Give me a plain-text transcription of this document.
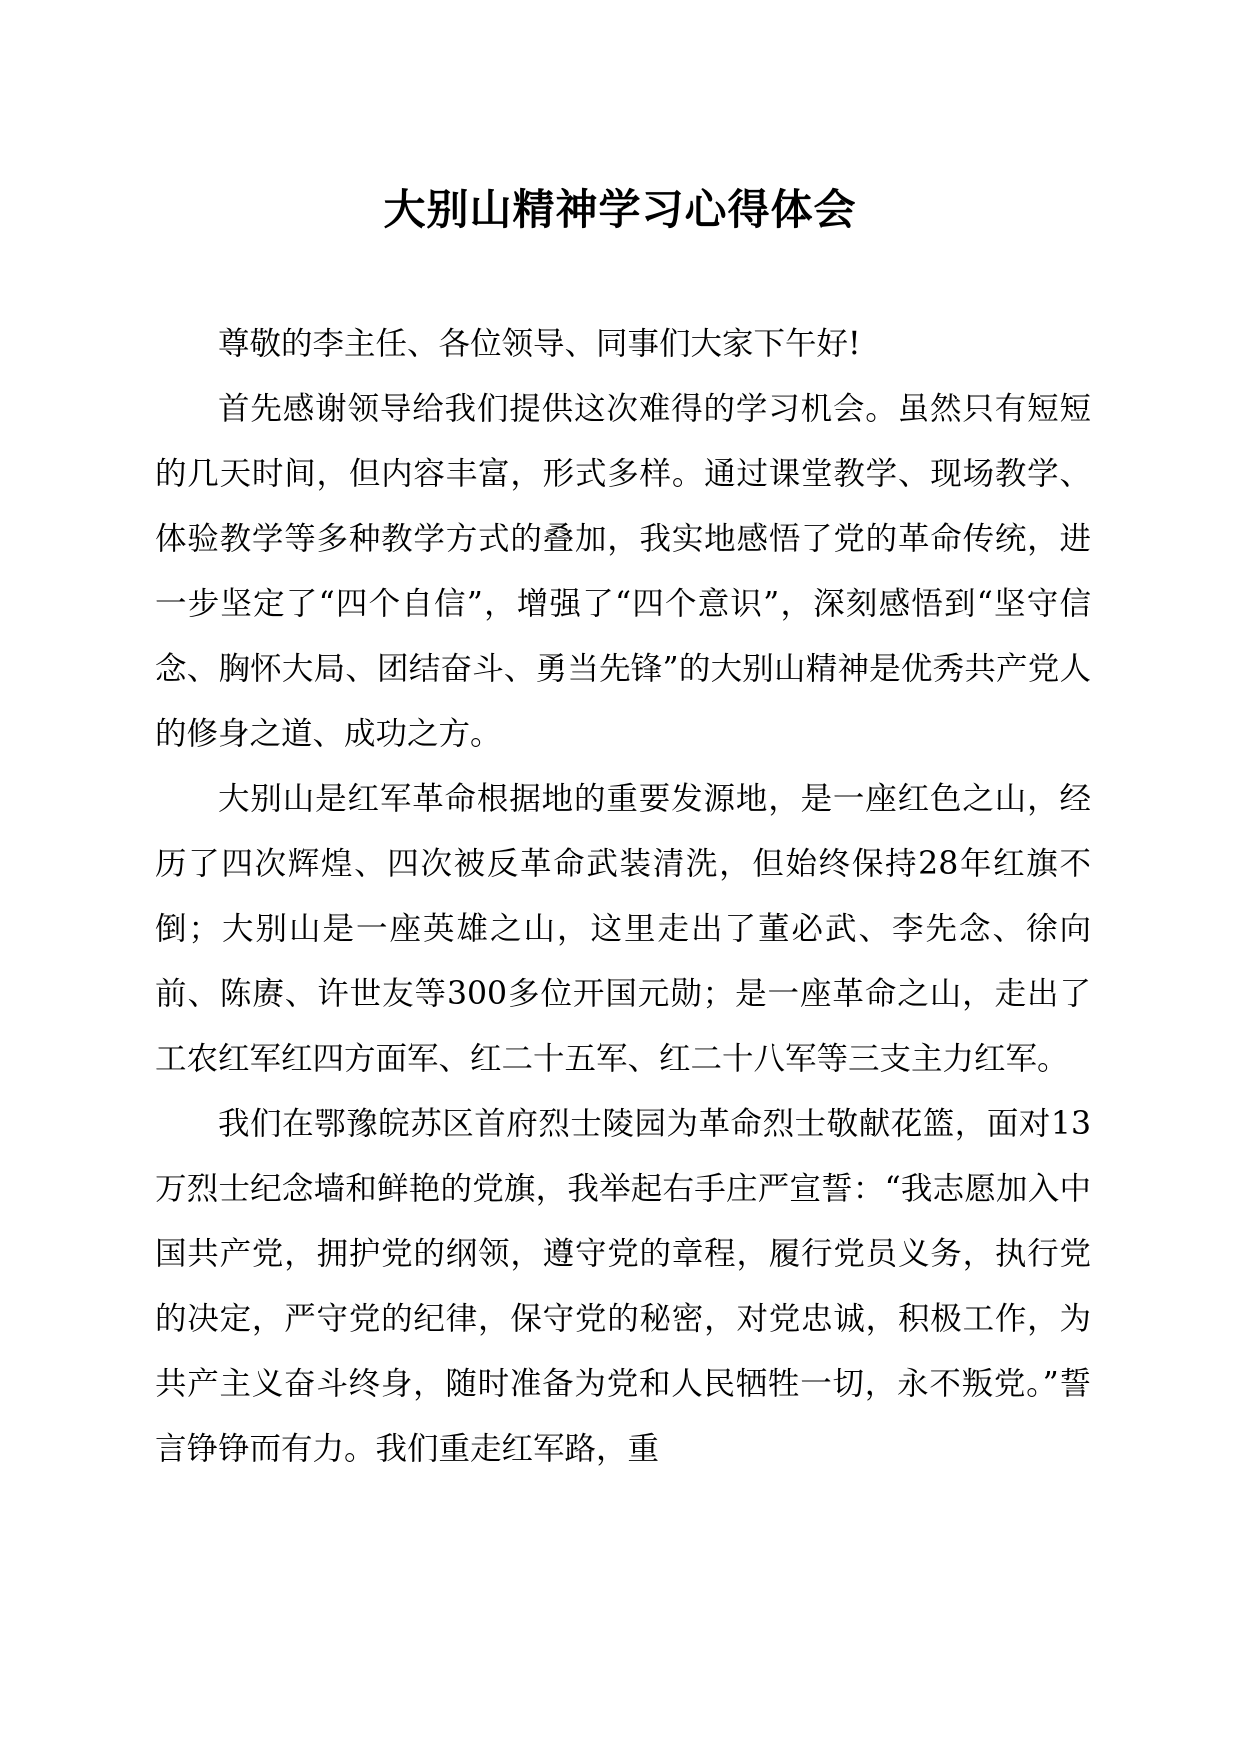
大别山精神学习心得体会

尊敬的李主任、各位领导、同事们大家下午好!

首先感谢领导给我们提供这次难得的学习机会。虽然只有短短的几天时间，但内容丰富，形式多样。通过课堂教学、现场教学、体验教学等多种教学方式的叠加，我实地感悟了党的革命传统，进一步坚定了“四个自信”，增强了“四个意识”，深刻感悟到“坚守信念、胸怀大局、团结奋斗、勇当先锋”的大别山精神是优秀共产党人的修身之道、成功之方。

大别山是红军革命根据地的重要发源地，是一座红色之山，经历了四次辉煌、四次被反革命武装清洗，但始终保持28年红旗不倒；大别山是一座英雄之山，这里走出了董必武、李先念、徐向前、陈赓、许世友等300多位开国元勋；是一座革命之山，走出了工农红军红四方面军、红二十五军、红二十八军等三支主力红军。

我们在鄂豫皖苏区首府烈士陵园为革命烈士敬献花篮，面对13万烈士纪念墙和鲜艳的党旗，我举起右手庄严宣誓：“我志愿加入中国共产党，拥护党的纲领，遵守党的章程，履行党员义务，执行党的决定，严守党的纪律，保守党的秘密，对党忠诚，积极工作，为共产主义奋斗终身，随时准备为党和人民牺牲一切，永不叛党。”誓言铮铮而有力。我们重走红军路，重
